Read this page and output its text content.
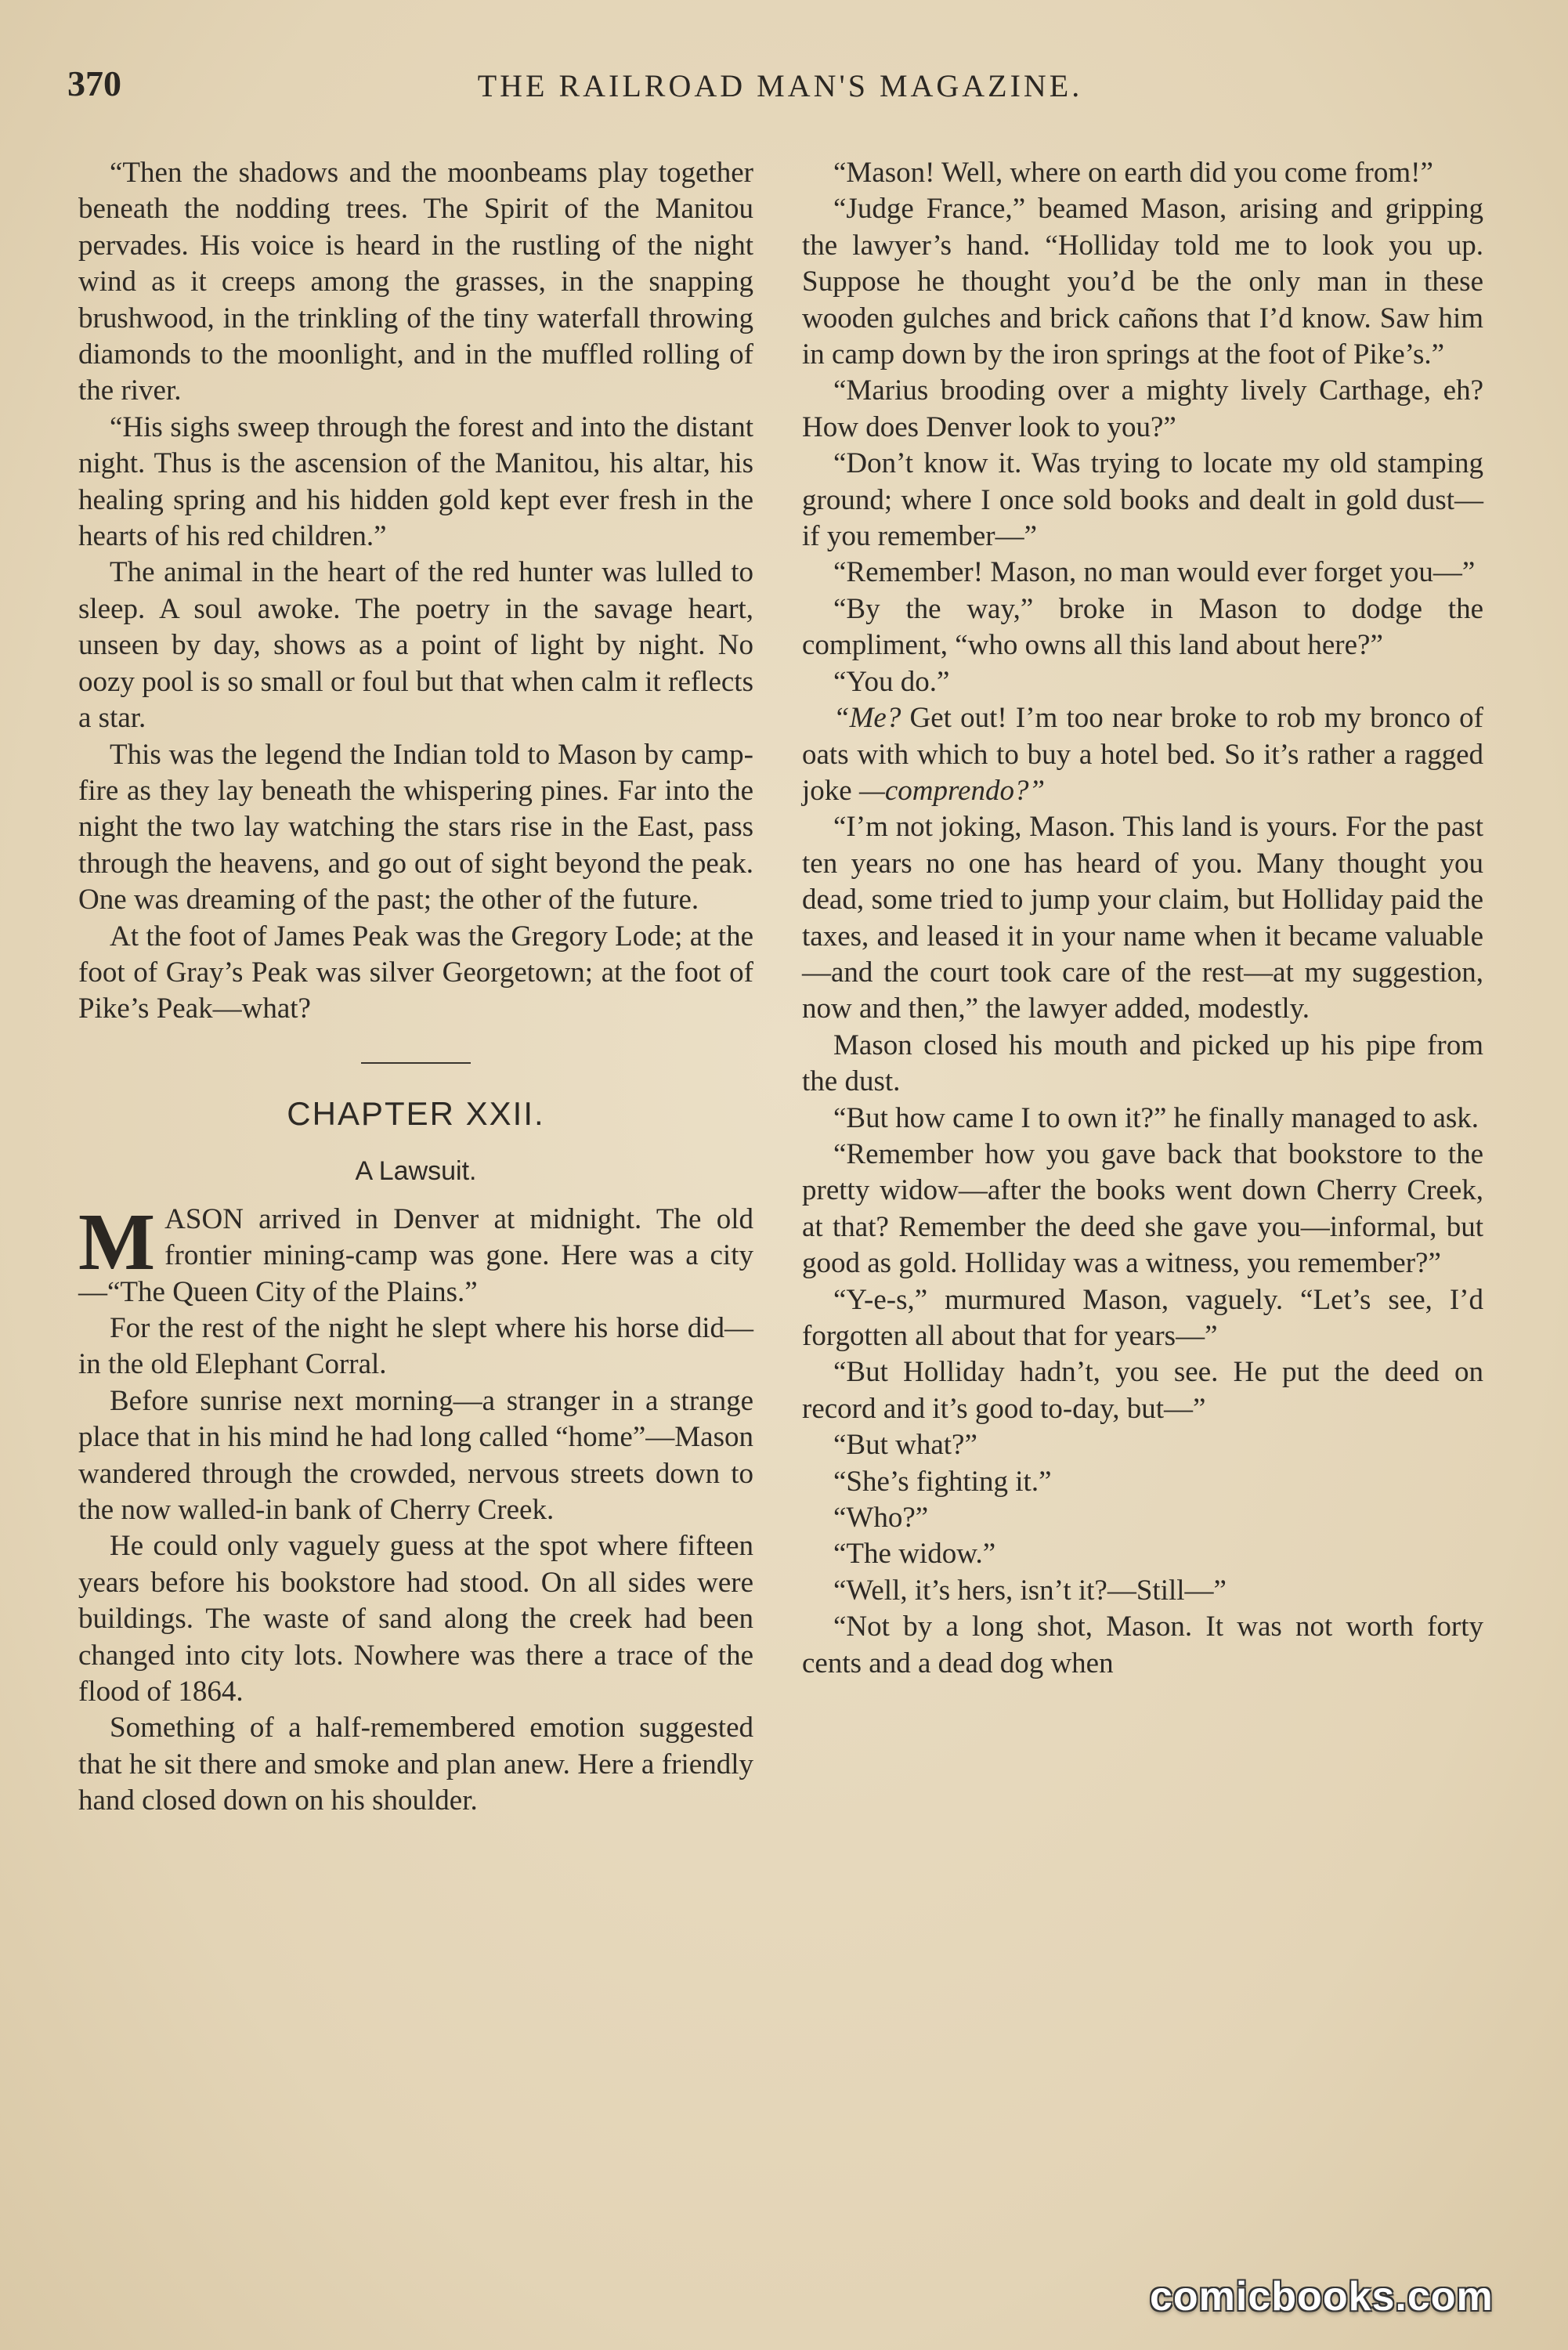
370	THE RAILROAD MAN'S MAGAZINE.

“Then the shadows and the moonbeams play together beneath the nodding trees. The Spirit of the Manitou pervades. His voice is heard in the rustling of the night wind as it creeps among the grasses, in the snapping brushwood, in the trinkling of the tiny waterfall throwing diamonds to the moonlight, and in the muffled rolling of the river.

“His sighs sweep through the forest and into the distant night. Thus is the ascension of the Manitou, his altar, his healing spring and his hidden gold kept ever fresh in the hearts of his red children.”

The animal in the heart of the red hunter was lulled to sleep. A soul awoke. The poetry in the savage heart, unseen by day, shows as a point of light by night. No oozy pool is so small or foul but that when calm it reflects a star.

This was the legend the Indian told to Mason by camp-fire as they lay beneath the whispering pines. Far into the night the two lay watching the stars rise in the East, pass through the heavens, and go out of sight beyond the peak. One was dreaming of the past; the other of the future.

At the foot of James Peak was the Gregory Lode; at the foot of Gray’s Peak was silver Georgetown; at the foot of Pike’s Peak—what?

CHAPTER XXII.
A Lawsuit.

MASON arrived in Denver at midnight. The old frontier mining-camp was gone. Here was a city—“The Queen City of the Plains.”

For the rest of the night he slept where his horse did—in the old Elephant Corral.

Before sunrise next morning—a stranger in a strange place that in his mind he had long called “home”—Mason wandered through the crowded, nervous streets down to the now walled-in bank of Cherry Creek.

He could only vaguely guess at the spot where fifteen years before his bookstore had stood. On all sides were buildings. The waste of sand along the creek had been changed into city lots. Nowhere was there a trace of the flood of 1864.

Something of a half-remembered emotion suggested that he sit there and smoke and plan anew. Here a friendly hand closed down on his shoulder.

“Mason! Well, where on earth did you come from!”

“Judge France,” beamed Mason, arising and gripping the lawyer’s hand. “Holliday told me to look you up. Suppose he thought you’d be the only man in these wooden gulches and brick cañons that I’d know. Saw him in camp down by the iron springs at the foot of Pike’s.”

“Marius brooding over a mighty lively Carthage, eh? How does Denver look to you?”

“Don’t know it. Was trying to locate my old stamping ground; where I once sold books and dealt in gold dust—if you remember—”

“Remember! Mason, no man would ever forget you—”

“By the way,” broke in Mason to dodge the compliment, “who owns all this land about here?”

“You do.”

“Me? Get out! I’m too near broke to rob my bronco of oats with which to buy a hotel bed. So it’s rather a ragged joke —comprendo?”

“I’m not joking, Mason. This land is yours. For the past ten years no one has heard of you. Many thought you dead, some tried to jump your claim, but Holliday paid the taxes, and leased it in your name when it became valuable—and the court took care of the rest—at my suggestion, now and then,” the lawyer added, modestly.

Mason closed his mouth and picked up his pipe from the dust.

“But how came I to own it?” he finally managed to ask.

“Remember how you gave back that bookstore to the pretty widow—after the books went down Cherry Creek, at that? Remember the deed she gave you—informal, but good as gold. Holliday was a witness, you remember?”

“Y-e-s,” murmured Mason, vaguely. “Let’s see, I’d forgotten all about that for years—”

“But Holliday hadn’t, you see. He put the deed on record and it’s good to-day, but—”

“But what?”

“She’s fighting it.”

“Who?”

“The widow.”

“Well, it’s hers, isn’t it?—Still—”

“Not by a long shot, Mason. It was not worth forty cents and a dead dog when

comicbooks.com
